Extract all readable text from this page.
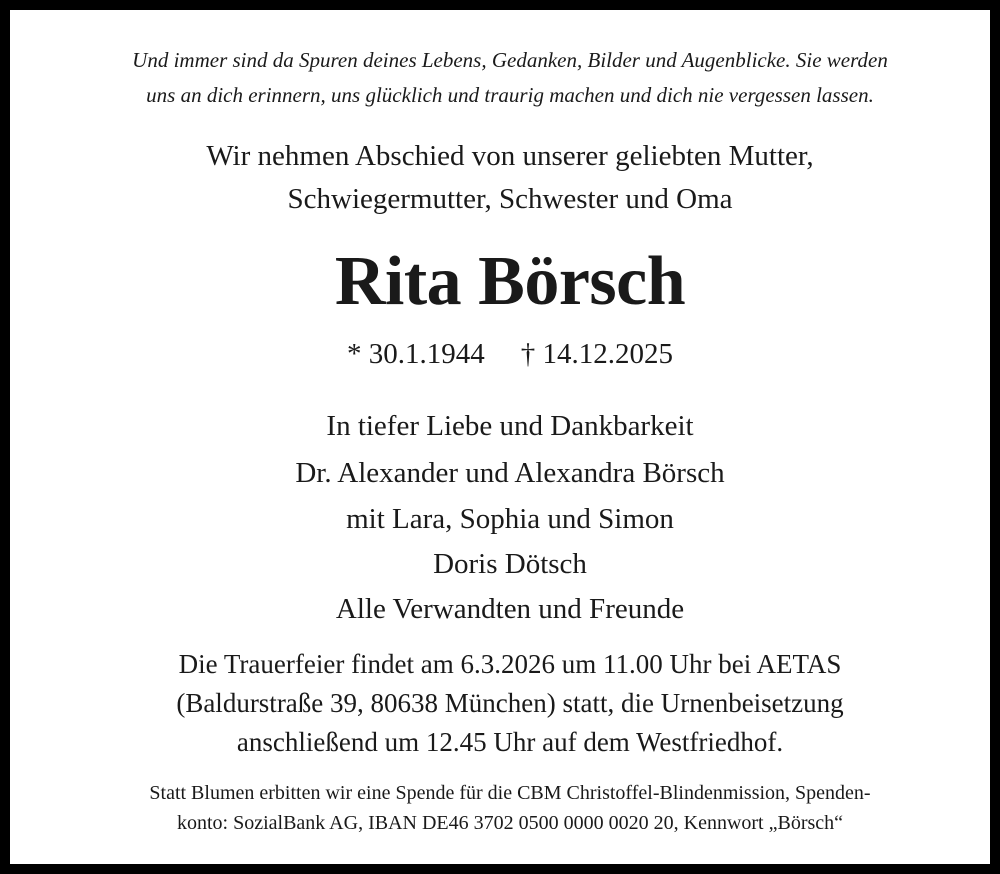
Und immer sind da Spuren deines Lebens, Gedanken, Bilder und Augenblicke. Sie werden
uns an dich erinnern, uns glücklich und traurig machen und dich nie vergessen lassen.
Wir nehmen Abschied von unserer geliebten Mutter,
Schwiegermutter, Schwester und Oma
Rita Börsch
* 30.1.1944 † 14.12.2025
In tiefer Liebe und Dankbarkeit
Dr. Alexander und Alexandra Börsch
mit Lara, Sophia und Simon
Doris Dötsch
Alle Verwandten und Freunde
Die Trauerfeier findet am 6.3.2026 um 11.00 Uhr bei AETAS
(Baldurstraße 39, 80638 München) statt, die Urnenbeisetzung
anschließend um 12.45 Uhr auf dem Westfriedhof.
Statt Blumen erbitten wir eine Spende für die CBM Christoffel-Blindenmission, Spenden-
konto: SozialBank AG, IBAN DE46 3702 0500 0000 0020 20, Kennwort „Börsch“
